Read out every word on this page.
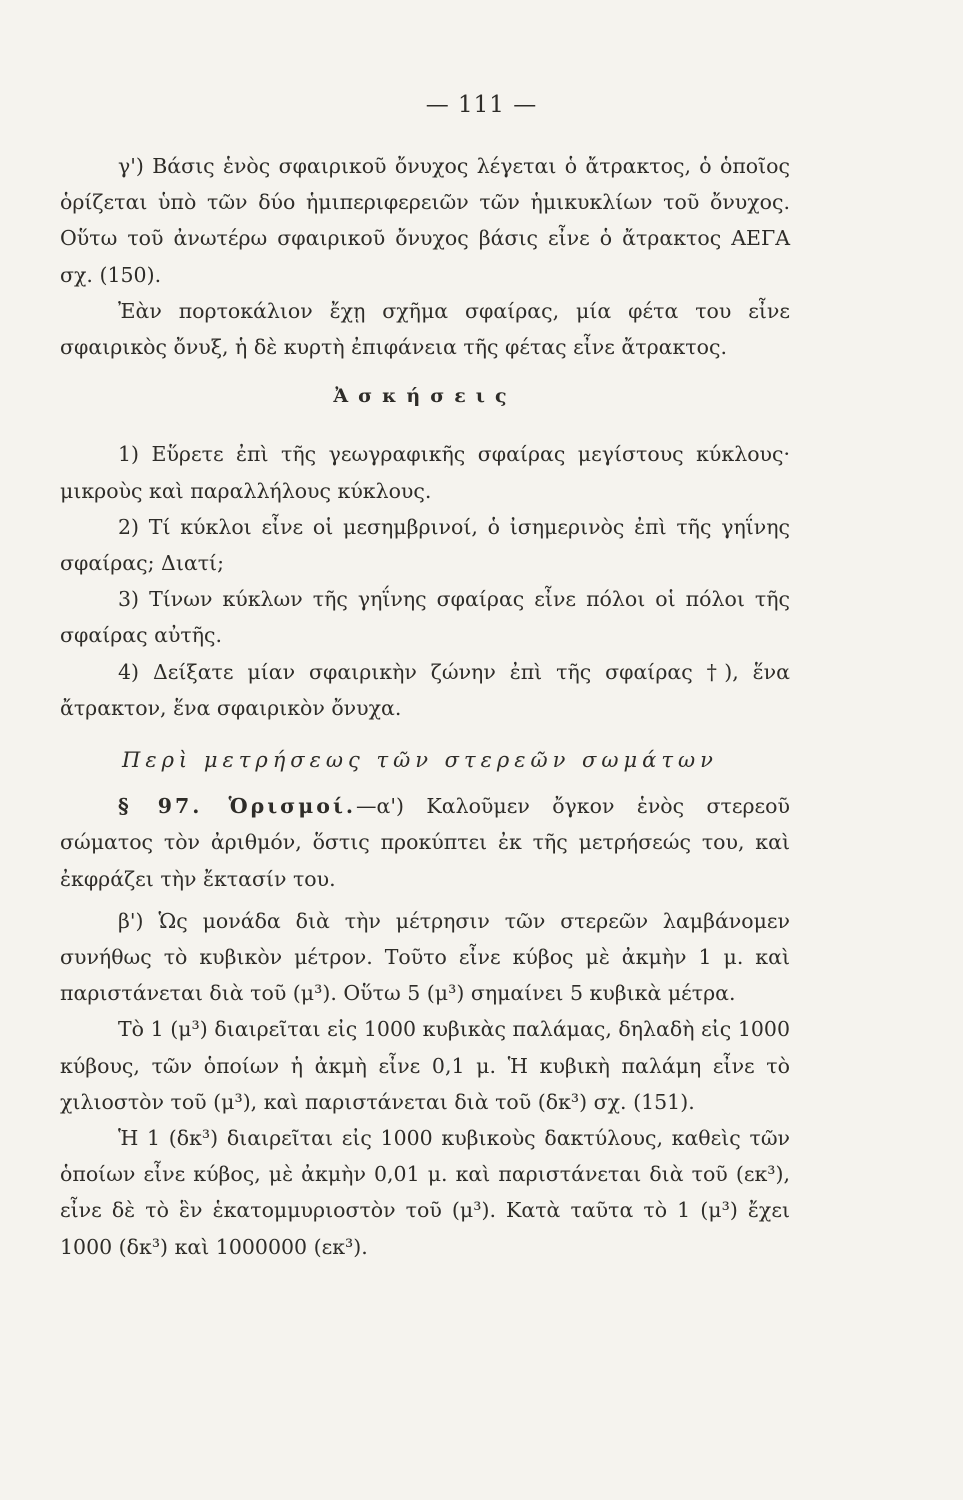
— 111 —

γ') Βάσις ἑνὸς σφαιρικοῦ ὄνυχος λέγεται ὁ ἄτρακτος, ὁ ὁποῖος ὁρίζεται ὑπὸ τῶν δύο ἡμιπεριφερειῶν τῶν ἡμικυκλίων τοῦ ὄνυχος. Οὕτω τοῦ ἀνωτέρω σφαιρικοῦ ὄνυχος βάσις εἶνε ὁ ἄτρακτος ΑΕΓΑ σχ. (150).

Ἐὰν πορτοκάλιον ἔχῃ σχῆμα σφαίρας, μία φέτα του εἶνε σφαιρικὸς ὄνυξ, ἡ δὲ κυρτὴ ἐπιφάνεια τῆς φέτας εἶνε ἄτρακτος.

Ἀσκήσεις

1) Εὕρετε ἐπὶ τῆς γεωγραφικῆς σφαίρας μεγίστους κύκλους· μικροὺς καὶ παραλλήλους κύκλους.

2) Τί κύκλοι εἶνε οἱ μεσημβρινοί, ὁ ἰσημερινὸς ἐπὶ τῆς γηΐνης σφαίρας; Διατί;

3) Τίνων κύκλων τῆς γηΐνης σφαίρας εἶνε πόλοι οἱ πόλοι τῆς σφαίρας αὐτῆς.

4) Δείξατε μίαν σφαιρικὴν ζώνην ἐπὶ τῆς σφαίρας †), ἕνα ἄτρακτον, ἕνα σφαιρικὸν ὄνυχα.

Περὶ μετρήσεως τῶν στερεῶν σωμάτων

§ 97. Ὁρισμοί.—α') Καλοῦμεν ὄγκον ἑνὸς στερεοῦ σώματος τὸν ἀριθμόν, ὅστις προκύπτει ἐκ τῆς μετρήσεώς του, καὶ ἐκφράζει τὴν ἔκτασίν του.

β') Ὡς μονάδα διὰ τὴν μέτρησιν τῶν στερεῶν λαμβάνομεν συνήθως τὸ κυβικὸν μέτρον. Τοῦτο εἶνε κύβος μὲ ἀκμὴν 1 μ. καὶ παριστάνεται διὰ τοῦ (μ³). Οὕτω 5 (μ³) σημαίνει 5 κυβικὰ μέτρα.

Τὸ 1 (μ³) διαιρεῖται εἰς 1000 κυβικὰς παλάμας, δηλαδὴ εἰς 1000 κύβους, τῶν ὁποίων ἡ ἀκμὴ εἶνε 0,1 μ. Ἡ κυβικὴ παλάμη εἶνε τὸ χιλιοστὸν τοῦ (μ³), καὶ παριστάνεται διὰ τοῦ (δκ³) σχ. (151).

Ἡ 1 (δκ³) διαιρεῖται εἰς 1000 κυβικοὺς δακτύλους, καθεὶς τῶν ὁποίων εἶνε κύβος, μὲ ἀκμὴν 0,01 μ. καὶ παριστάνεται διὰ τοῦ (εκ³), εἶνε δὲ τὸ ἓν ἑκατομμυριοστὸν τοῦ (μ³). Κατὰ ταῦτα τὸ 1 (μ³) ἔχει 1000 (δκ³) καὶ 1000000 (εκ³).
